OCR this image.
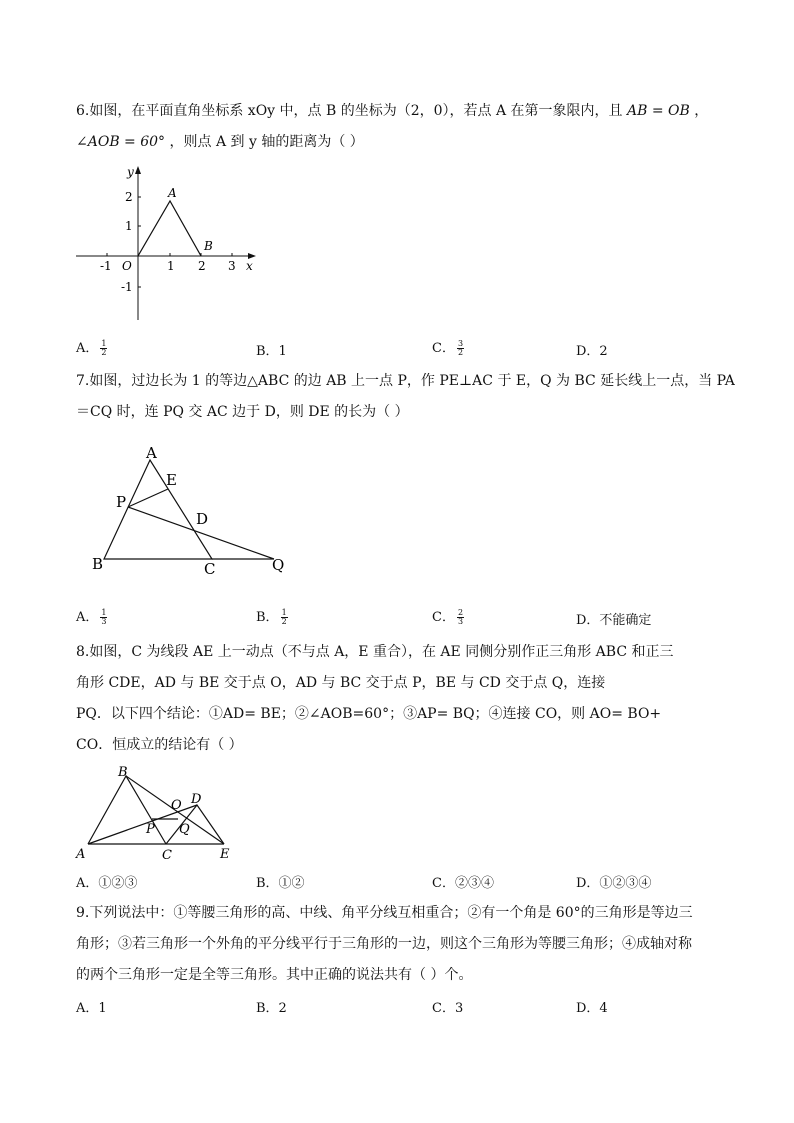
6.如图，在平面直角坐标系 xOy 中，点 B 的坐标为（2，0），若点 A 在第一象限内，且 AB = OB ，
∠AOB = 60° ，则点 A 到 y 轴的距离为（ ）
y
x
O
A
B
2
1
-1
-1	1 2 3
A． $\frac{1}{2}$	B．1	C． $\frac{3}{2}$	D．2
7.如图，过边长为 1 的等边△ABC 的边 AB 上一点 P，作 PE⊥AC 于 E，Q 为 BC 延长线上一点，当 PA
＝CQ 时，连 PQ 交 AC 边于 D，则 DE 的长为（ ）
A
E
P
D
B	C	Q
A． $\frac{1}{3}$	B． $\frac{1}{2}$	C． $\frac{2}{3}$	D．不能确定
8.如图，C 为线段 AE 上一动点（不与点 A，E 重合），在 AE 同侧分别作正三角形 ABC 和正三
角形 CDE，AD 与 BE 交于点 O，AD 与 BC 交于点 P，BE 与 CD 交于点 Q，连接
PQ．以下四个结论：①AD= BE；②∠AOB=60°；③AP= BQ；④连接 CO，则 AO= BO+
CO．恒成立的结论有（ ）
B
O D
P Q
A	C	E
A．①②③	B．①②	C．②③④	D．①②③④
9.下列说法中：①等腰三角形的高、中线、角平分线互相重合；②有一个角是 60°的三角形是等边三
角形；③若三角形一个外角的平分线平行于三角形的一边，则这个三角形为等腰三角形；④成轴对称
的两个三角形一定是全等三角形。其中正确的说法共有（ ）个。
A．1	B．2	C．3	D．4
